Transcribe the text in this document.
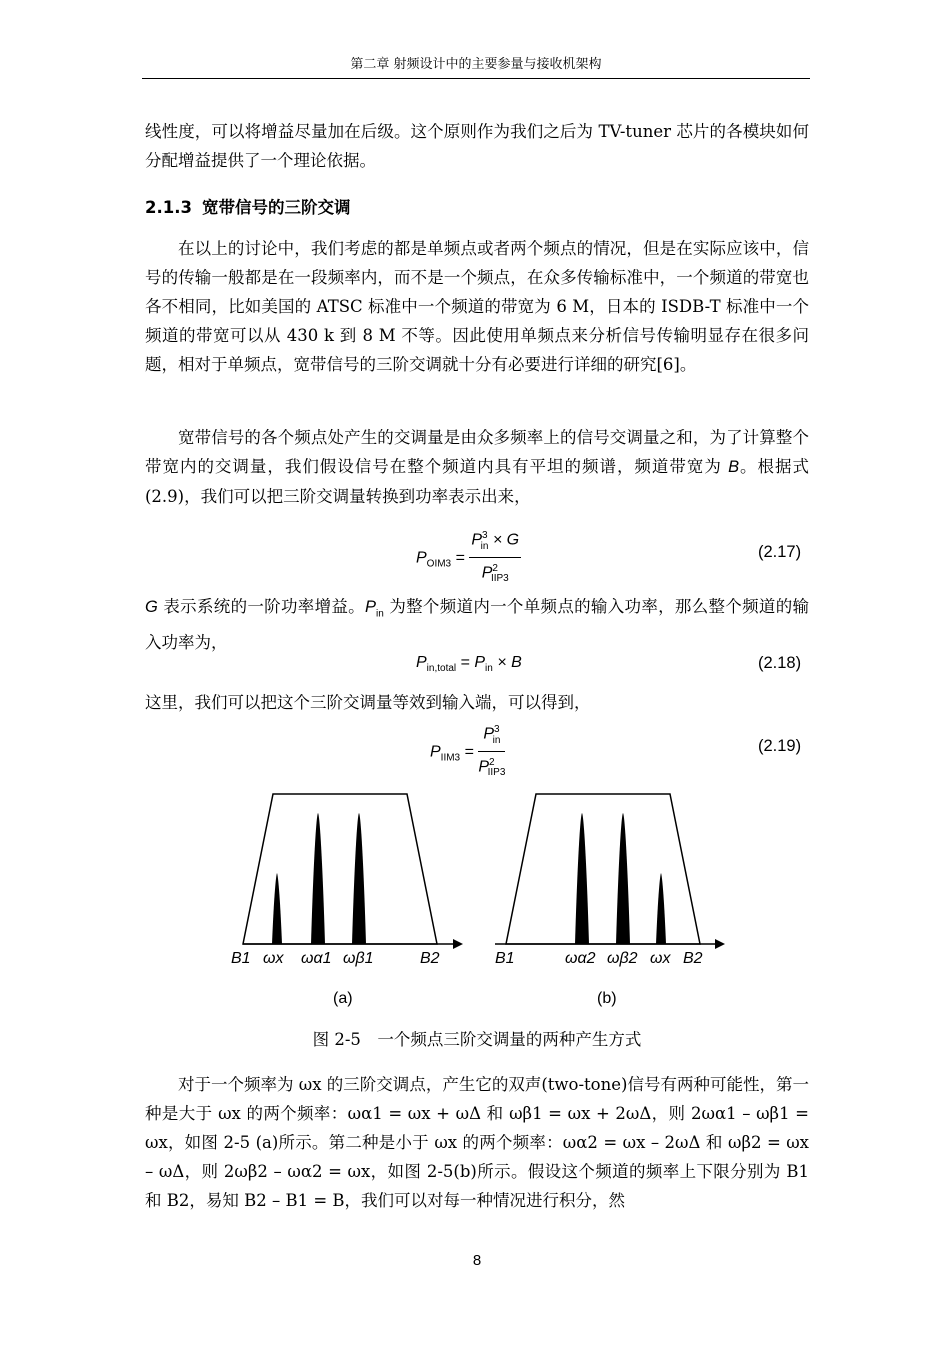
第二章 射频设计中的主要参量与接收机架构

线性度，可以将增益尽量加在后级。这个原则作为我们之后为 TV-tuner 芯片的各模块如何分配增益提供了一个理论依据。

2.1.3 宽带信号的三阶交调

在以上的讨论中，我们考虑的都是单频点或者两个频点的情况，但是在实际应该中，信号的传输一般都是在一段频率内，而不是一个频点，在众多传输标准中，一个频道的带宽也各不相同，比如美国的 ATSC 标准中一个频道的带宽为 6 M，日本的 ISDB-T 标准中一个频道的带宽可以从 430 k 到 8 M 不等。因此使用单频点来分析信号传输明显存在很多问题，相对于单频点，宽带信号的三阶交调就十分有必要进行详细的研究[6]。

宽带信号的各个频点处产生的交调量是由众多频率上的信号交调量之和，为了计算整个带宽内的交调量，我们假设信号在整个频道内具有平坦的频谱，频道带宽为 B。根据式(2.9)，我们可以把三阶交调量转换到功率表示出来，

$P_{OIM3} = \frac{P^3_{in} \times G}{P^2_{IIP3}}$	(2.17)

G 表示系统的一阶功率增益。$P_{in}$ 为整个频道内一个单频点的输入功率，那么整个频道的输入功率为，

$P_{in,total} = P_{in} \times B$	(2.18)

这里，我们可以把这个三阶交调量等效到输入端，可以得到，

$P_{IIM3} = \frac{P^3_{in}}{P^2_{IIP3}}$	(2.19)
B1 ωx ωα1 ωβ1	B2
(a)
B1	ωα2 ωβ2 ωx B2
(b)
图 2-5　一个频点三阶交调量的两种产生方式

对于一个频率为 ωx 的三阶交调点，产生它的双声(two-tone)信号有两种可能性，第一种是大于 ωx 的两个频率：ωα1 = ωx + ωΔ 和 ωβ1 = ωx + 2ωΔ，则 2ωα1 – ωβ1 = ωx，如图 2-5 (a)所示。第二种是小于 ωx 的两个频率：ωα2 = ωx – 2ωΔ 和 ωβ2 = ωx – ωΔ，则 2ωβ2 – ωα2 = ωx，如图 2-5(b)所示。假设这个频道的频率上下限分别为 B1 和 B2，易知 B2 – B1 = B，我们可以对每一种情况进行积分，然

8
